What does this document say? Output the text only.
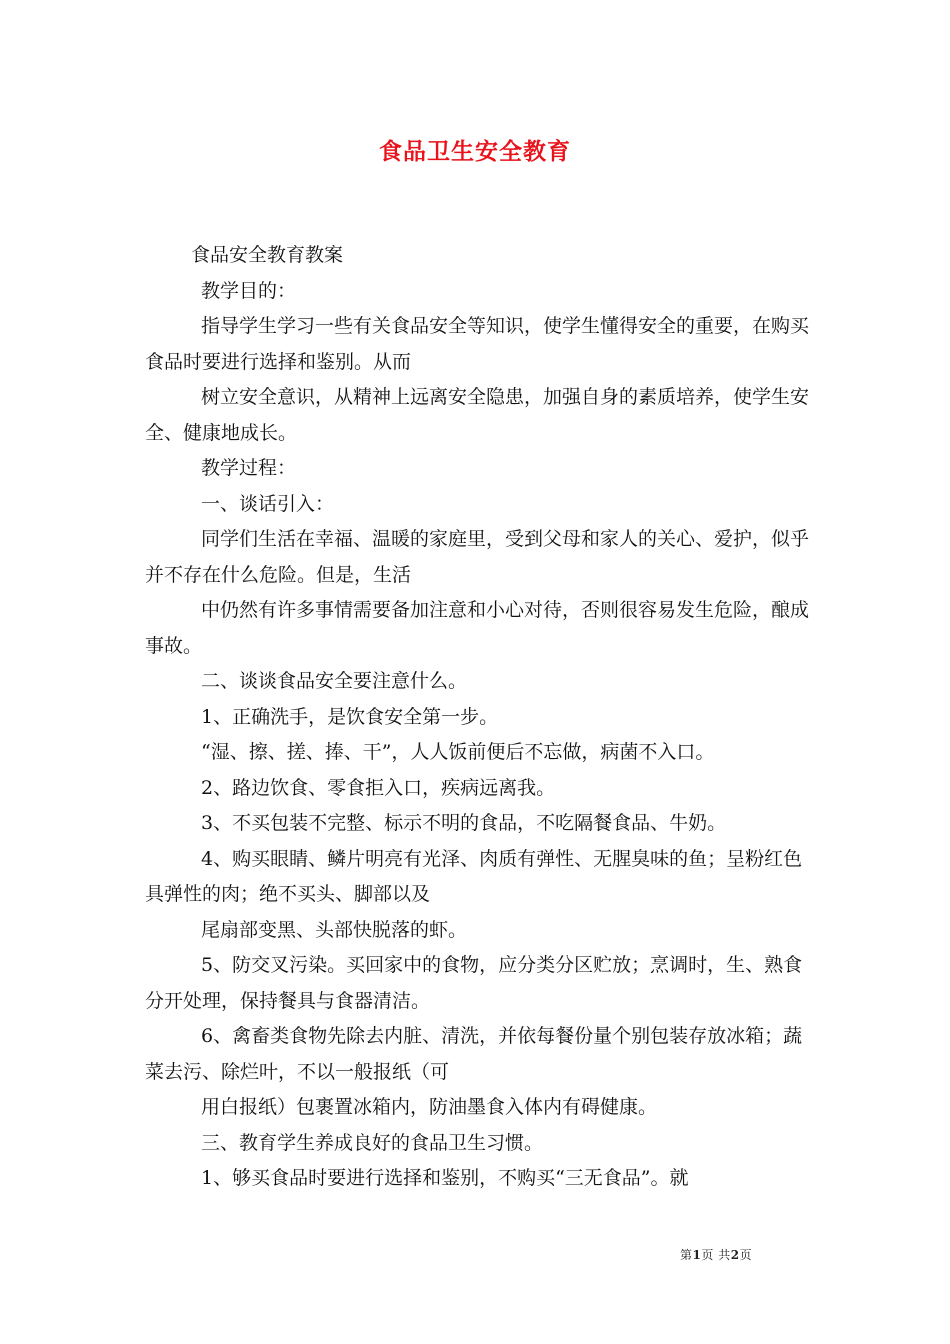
食品卫生安全教育

食品安全教育教案

教学目的：

指导学生学习一些有关食品安全等知识，使学生懂得安全的重要，在购买食品时要进行选择和鉴别。从而

树立安全意识，从精神上远离安全隐患，加强自身的素质培养，使学生安全、健康地成长。

教学过程：

一、谈话引入：

同学们生活在幸福、温暖的家庭里，受到父母和家人的关心、爱护，似乎并不存在什么危险。但是，生活

中仍然有许多事情需要备加注意和小心对待，否则很容易发生危险，酿成事故。

二、谈谈食品安全要注意什么。

1、正确洗手，是饮食安全第一步。

“湿、擦、搓、捧、干”，人人饭前便后不忘做，病菌不入口。

2、路边饮食、零食拒入口，疾病远离我。

3、不买包装不完整、标示不明的食品，不吃隔餐食品、牛奶。

4、购买眼睛、鳞片明亮有光泽、肉质有弹性、无腥臭味的鱼；呈粉红色具弹性的肉；绝不买头、脚部以及

尾扇部变黑、头部快脱落的虾。

5、防交叉污染。买回家中的食物，应分类分区贮放；烹调时，生、熟食分开处理，保持餐具与食器清洁。

6、禽畜类食物先除去内脏、清洗，并依每餐份量个别包装存放冰箱；蔬菜去污、除烂叶，不以一般报纸（可

用白报纸）包裹置冰箱内，防油墨食入体内有碍健康。

三、教育学生养成良好的食品卫生习惯。

1、够买食品时要进行选择和鉴别，不购买“三无食品”。就

第1页 共2页
